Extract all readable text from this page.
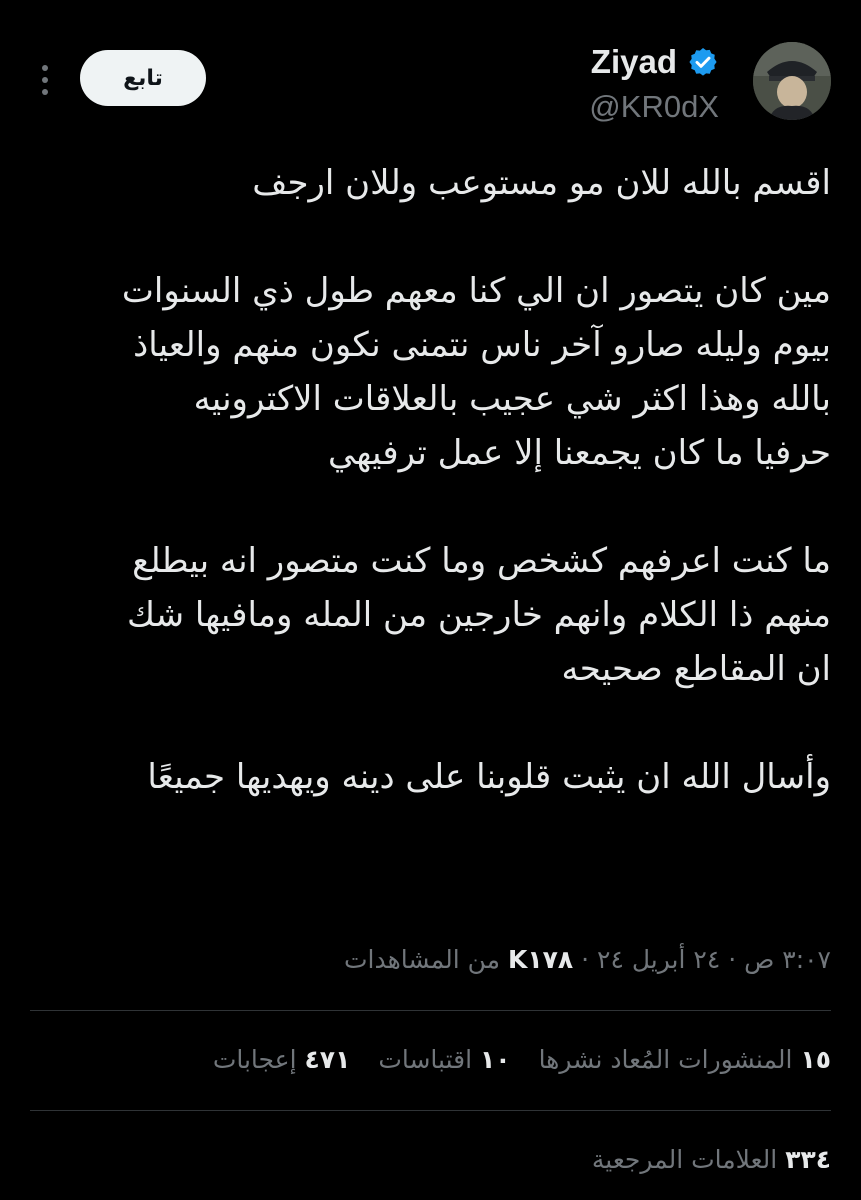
Ziyad
@KR0dX
تابع

اقسم بالله للان مو مستوعب وللان ارجف

مين كان يتصور ان الي كنا معهم طول ذي السنوات
بيوم وليله صارو آخر ناس نتمنى نكون منهم والعياذ
بالله وهذا اكثر شي عجيب بالعلاقات الاكترونيه
حرفيا ما كان يجمعنا إلا عمل ترفيهي

ما كنت اعرفهم كشخص وما كنت متصور انه بيطلع
منهم ذا الكلام وانهم خارجين من المله ومافيها شك
ان المقاطع صحيحه

وأسال الله ان يثبت قلوبنا على دينه ويهديها جميعًا

٣:٠٧ ص · ٢٤ أبريل ٢٤ · K١٧٨ من المشاهدات
١٥المنشورات المُعاد نشرها
١٠اقتباسات
٤٧١إعجابات
٣٣٤العلامات المرجعية
